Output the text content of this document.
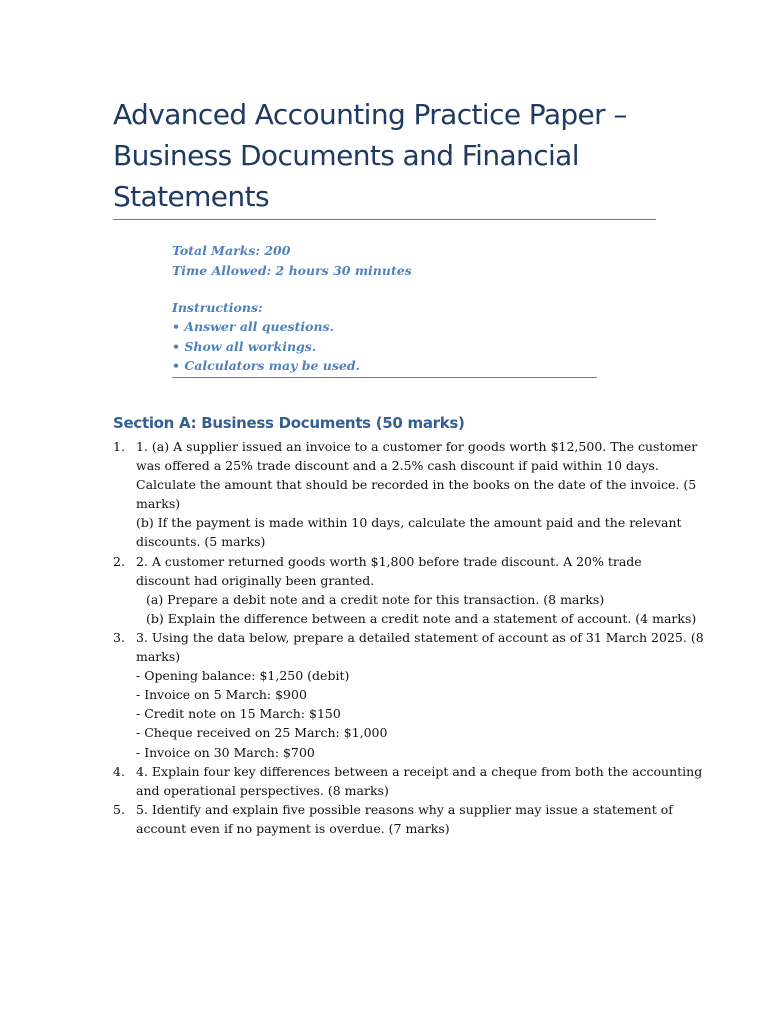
Advanced Accounting Practice Paper –
Business Documents and Financial
Statements
Total Marks: 200
Time Allowed: 2 hours 30 minutes
Instructions:
• Answer all questions.
• Show all workings.
• Calculators may be used.
Section A: Business Documents (50 marks)
1. 1. (a) A supplier issued an invoice to a customer for goods worth $12,500. The customer
was offered a 25% trade discount and a 2.5% cash discount if paid within 10 days.
Calculate the amount that should be recorded in the books on the date of the invoice. (5
marks)
(b) If the payment is made within 10 days, calculate the amount paid and the relevant
discounts. (5 marks)
2. 2. A customer returned goods worth $1,800 before trade discount. A 20% trade
discount had originally been granted.
(a) Prepare a debit note and a credit note for this transaction. (8 marks)
(b) Explain the difference between a credit note and a statement of account. (4 marks)
3. 3. Using the data below, prepare a detailed statement of account as of 31 March 2025. (8
marks)
- Opening balance: $1,250 (debit)
- Invoice on 5 March: $900
- Credit note on 15 March: $150
- Cheque received on 25 March: $1,000
- Invoice on 30 March: $700
4. 4. Explain four key differences between a receipt and a cheque from both the accounting
and operational perspectives. (8 marks)
5. 5. Identify and explain five possible reasons why a supplier may issue a statement of
account even if no payment is overdue. (7 marks)
